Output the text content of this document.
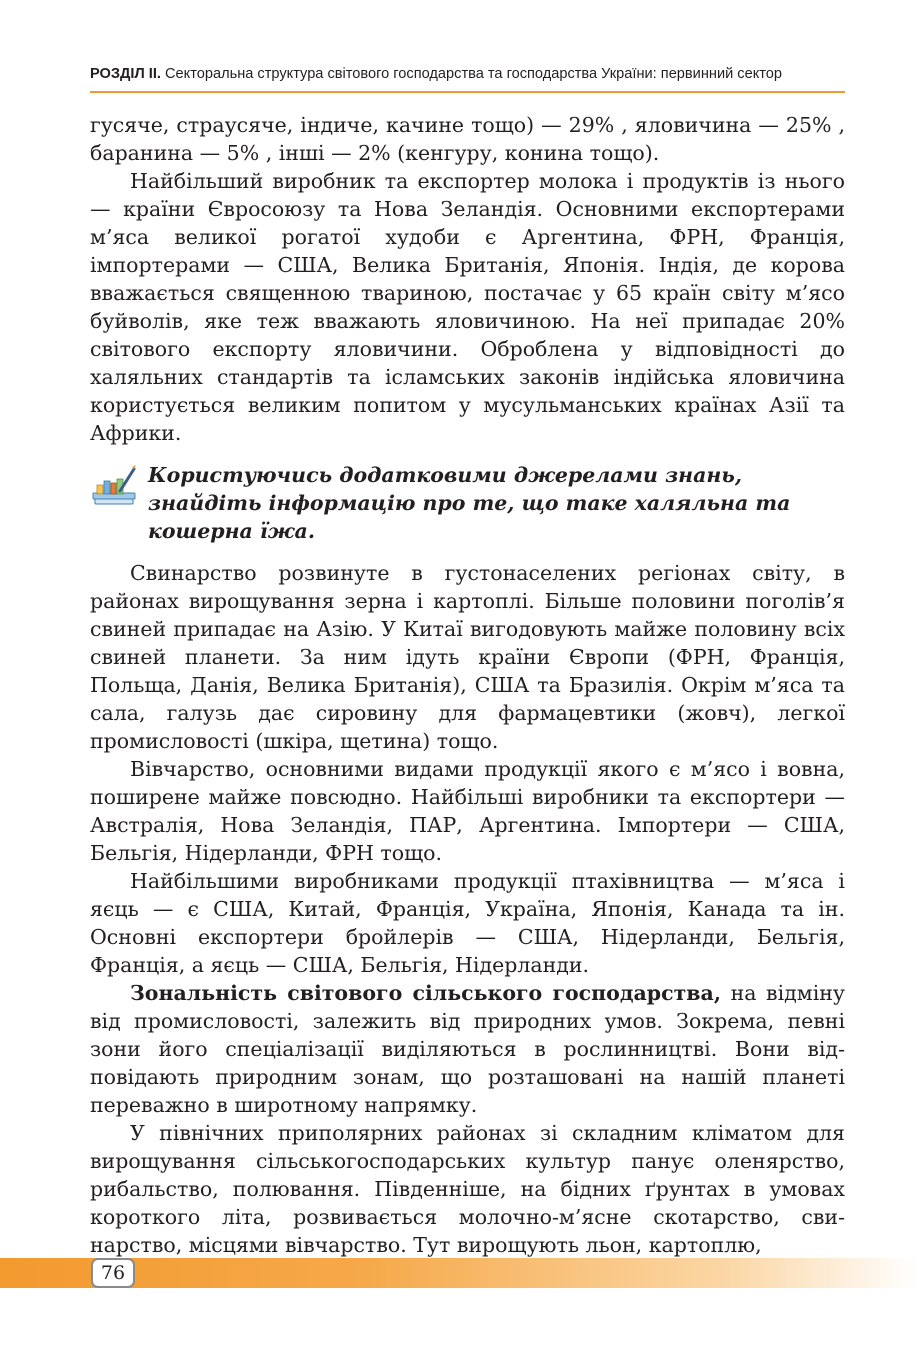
РОЗДІЛ II. Секторальна структура світового господарства та господарства України: первинний сектор

гусяче, страусяче, індиче, качине тощо) — 29% , яловичина — 25% , баранина — 5% , інші — 2% (кенгуру, конина тощо).

Найбільший виробник та експортер молока і продуктів із нього — країни Євросоюзу та Нова Зеландія. Основними експортерами м’яса великої рогатої худоби є Аргентина, ФРН, Франція, імпортерами — США, Велика Британія, Японія. Індія, де корова вважається священною твариною, постачає у 65 країн світу м’ясо буйволів, яке теж вважають яловичиною. На неї припадає 20% світового експорту яловичини. Оброблена у відповідності до халяльних стандартів та ісламських законів індійська яловичина користується великим попитом у мусульманських країнах Азії та Африки.

Користуючись додатковими джерелами знань, знайдіть інформацію про те, що таке халяльна та кошерна їжа.

Свинарство розвинуте в густонаселених регіонах світу, в районах вирощування зерна і картоплі. Більше половини поголів’я свиней припадає на Азію. У Китаї вигодовують майже половину всіх свиней планети. За ним ідуть країни Європи (ФРН, Франція, Польща, Данія, Велика Британія), США та Бразилія. Окрім м’яса та сала, галузь дає сировину для фармацевтики (жовч), легкої промисловості (шкіра, щетина) тощо.

Вівчарство, основними видами продукції якого є м’ясо і вовна, поширене майже повсюдно. Найбільші виробники та експортери — Австралія, Нова Зеландія, ПАР, Аргентина. Імпортери — США, Бельгія, Нідерланди, ФРН тощо.

Найбільшими виробниками продукції птахівництва — м’яса і яєць — є США, Китай, Франція, Україна, Японія, Канада та ін. Основні експортери бройлерів — США, Нідерланди, Бельгія, Франція, а яєць — США, Бельгія, Нідерланди.

Зональність світового сільського господарства, на відміну від промисловості, залежить від природних умов. Зокрема, певні зони його спеціалізації виділяються в рослинництві. Вони відповідають природним зонам, що розташовані на нашій планеті переважно в широтному напрямку.

У північних приполярних районах зі складним кліматом для вирощування сільськогосподарських культур панує оленярство, рибальство, полювання. Південніше, на бідних ґрунтах в умовах короткого літа, розвивається молочно-м’ясне скотарство, свинарство, місцями вівчарство. Тут вирощують льон, картоплю,

76
